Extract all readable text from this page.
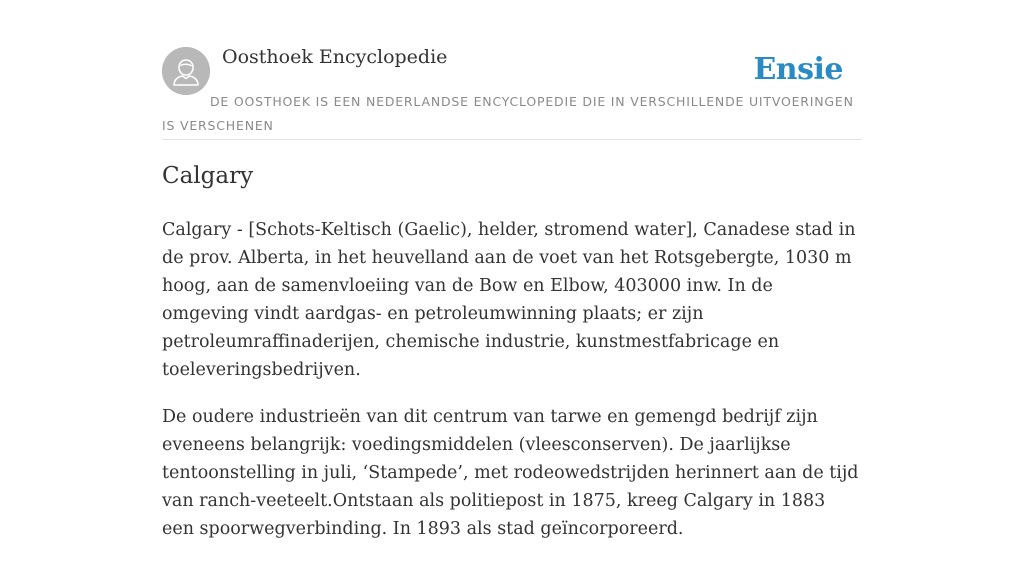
Oosthoek Encyclopedie	Ensie
DE OOSTHOEK IS EEN NEDERLANDSE ENCYCLOPEDIE DIE IN VERSCHILLENDE UITVOERINGEN IS VERSCHENEN
Calgary

Calgary - [Schots-Keltisch (Gaelic), helder, stromend water], Canadese stad in de prov. Alberta, in het heuvelland aan de voet van het Rotsgebergte, 1030 m hoog, aan de samenvloeiing van de Bow en Elbow, 403000 inw. In de omgeving vindt aardgas- en petroleumwinning plaats; er zijn petroleumraffinaderijen, chemische industrie, kunstmestfabricage en toeleveringsbedrijven.

De oudere industrieën van dit centrum van tarwe en gemengd bedrijf zijn eveneens belangrijk: voedingsmiddelen (vleesconserven). De jaarlijkse tentoonstelling in juli, ‘Stampede’, met rodeowedstrijden herinnert aan de tijd van ranch-veeteelt.Ontstaan als politiepost in 1875, kreeg Calgary in 1883 een spoorwegverbinding. In 1893 als stad geïncorporeerd.
